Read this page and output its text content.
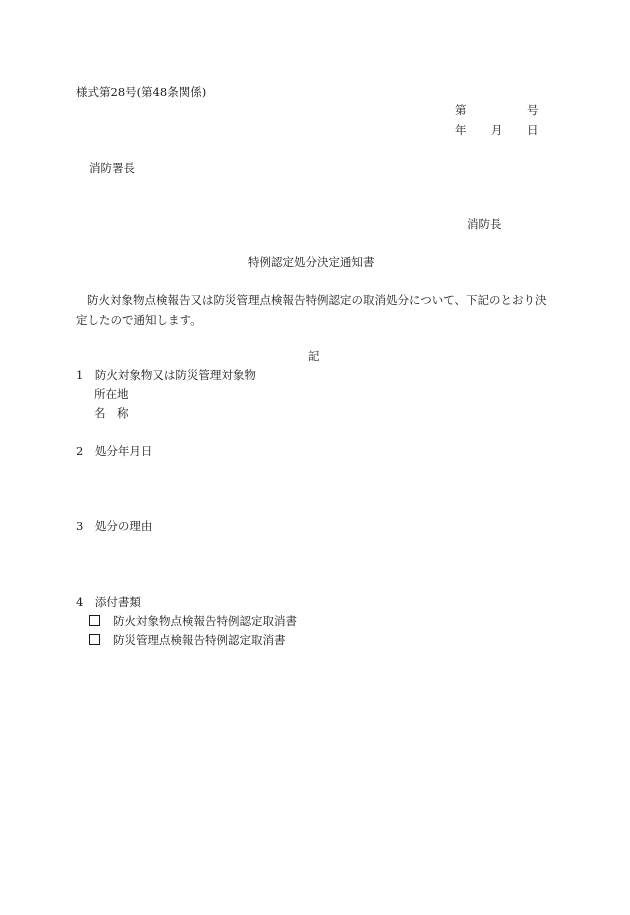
様式第28号(第48条関係)
第	号
年 月 日
消防署長
消防長
特例認定処分決定通知書
防火対象物点検報告又は防災管理点検報告特例認定の取消処分について、下記のとおり決定したので通知します。
記
1　防火対象物又は防災管理対象物
所在地
名　称
2　処分年月日
3　処分の理由
4　添付書類
防火対象物点検報告特例認定取消書
防災管理点検報告特例認定取消書
